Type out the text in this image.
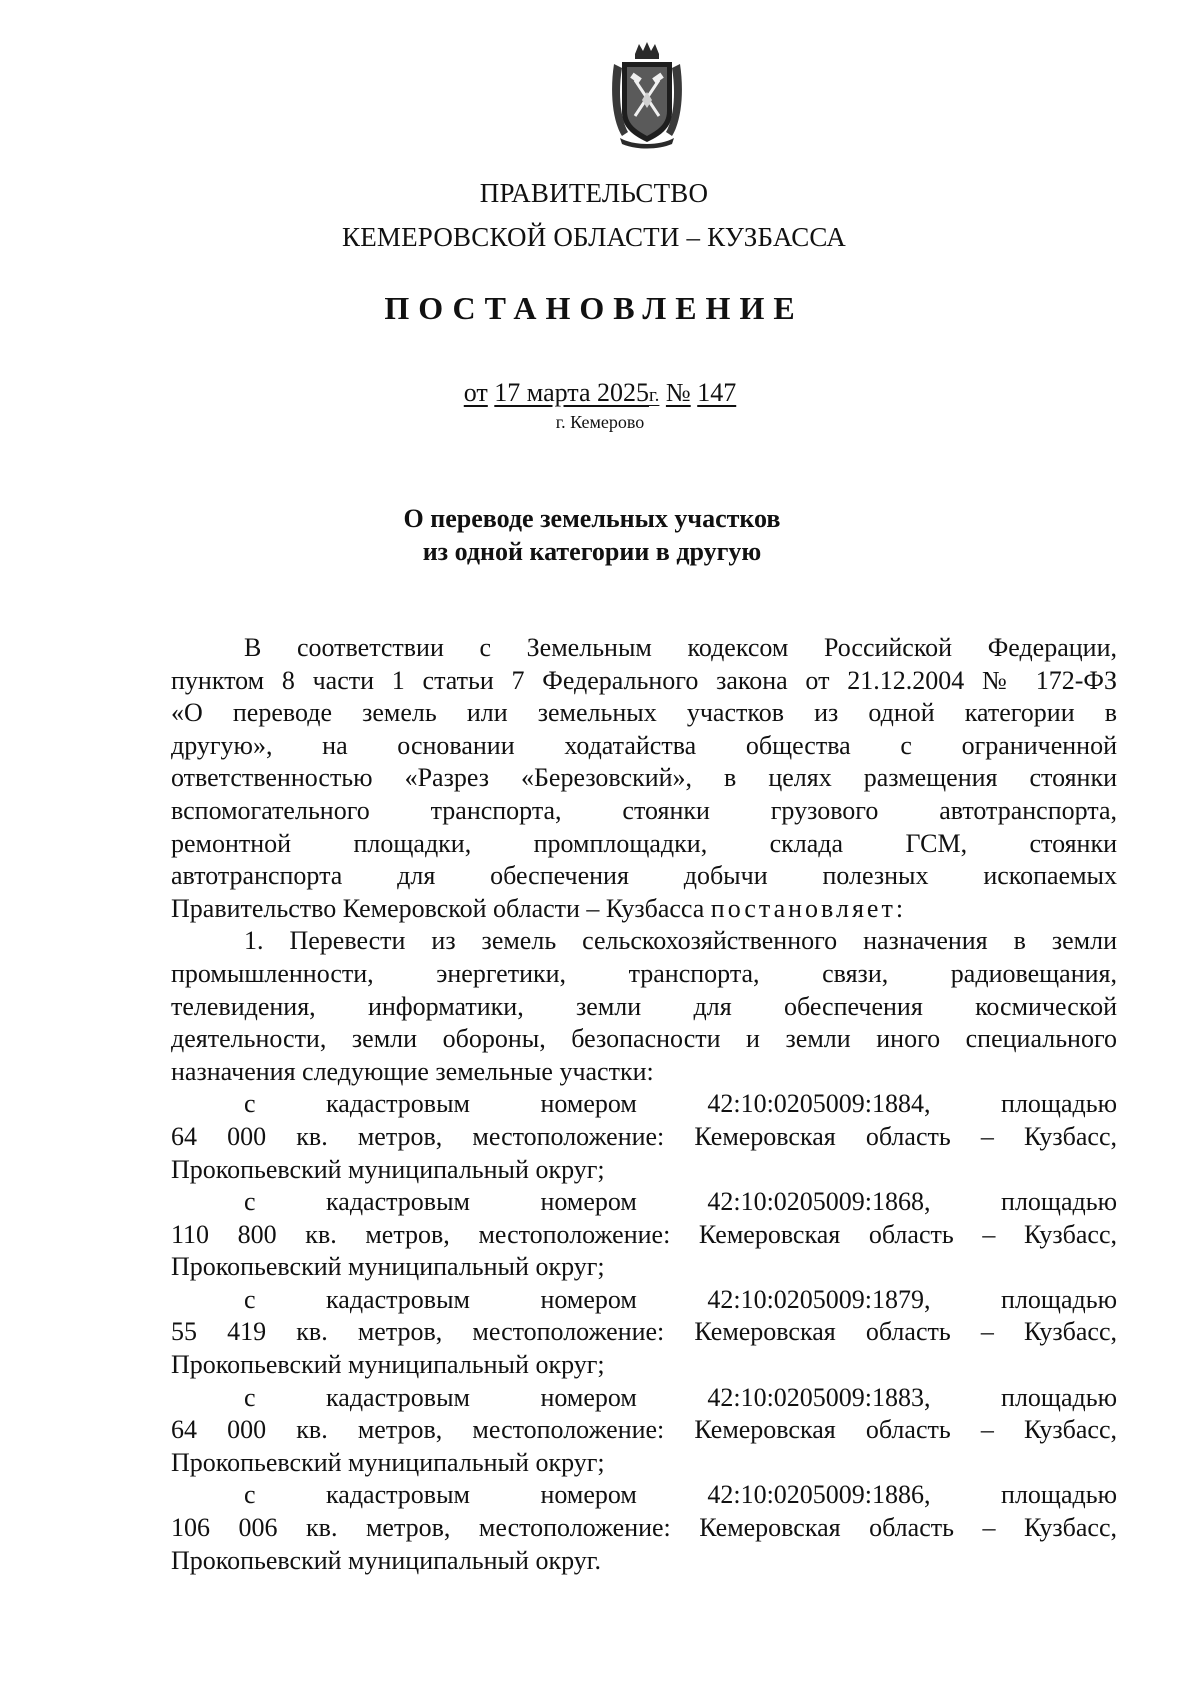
ПРАВИТЕЛЬСТВО
КЕМЕРОВСКОЙ ОБЛАСТИ – КУЗБАССА
ПОСТАНОВЛЕНИЕ
от 17 марта 2025г. № 147
г. Кемерово
О переводе земельных участков
из одной категории в другую
В соответствии с Земельным кодексом Российской Федерации,
пунктом 8 части 1 статьи 7 Федерального закона от 21.12.2004 № 172-ФЗ
«О переводе земель или земельных участков из одной категории в
другую», на основании ходатайства общества с ограниченной
ответственностью «Разрез «Березовский», в целях размещения стоянки
вспомогательного транспорта, стоянки грузового автотранспорта,
ремонтной площадки, промплощадки, склада ГСМ, стоянки
автотранспорта для обеспечения добычи полезных ископаемых
Правительство Кемеровской области – Кузбасса постановляет:
1. Перевести из земель сельскохозяйственного назначения в земли
промышленности, энергетики, транспорта, связи, радиовещания,
телевидения, информатики, земли для обеспечения космической
деятельности, земли обороны, безопасности и земли иного специального
назначения следующие земельные участки:
с кадастровым номером 42:10:0205009:1884, площадью
64 000 кв. метров, местоположение: Кемеровская область – Кузбасс,
Прокопьевский муниципальный округ;
с кадастровым номером 42:10:0205009:1868, площадью
110 800 кв. метров, местоположение: Кемеровская область – Кузбасс,
Прокопьевский муниципальный округ;
с кадастровым номером 42:10:0205009:1879, площадью
55 419 кв. метров, местоположение: Кемеровская область – Кузбасс,
Прокопьевский муниципальный округ;
с кадастровым номером 42:10:0205009:1883, площадью
64 000 кв. метров, местоположение: Кемеровская область – Кузбасс,
Прокопьевский муниципальный округ;
с кадастровым номером 42:10:0205009:1886, площадью
106 006 кв. метров, местоположение: Кемеровская область – Кузбасс,
Прокопьевский муниципальный округ.
